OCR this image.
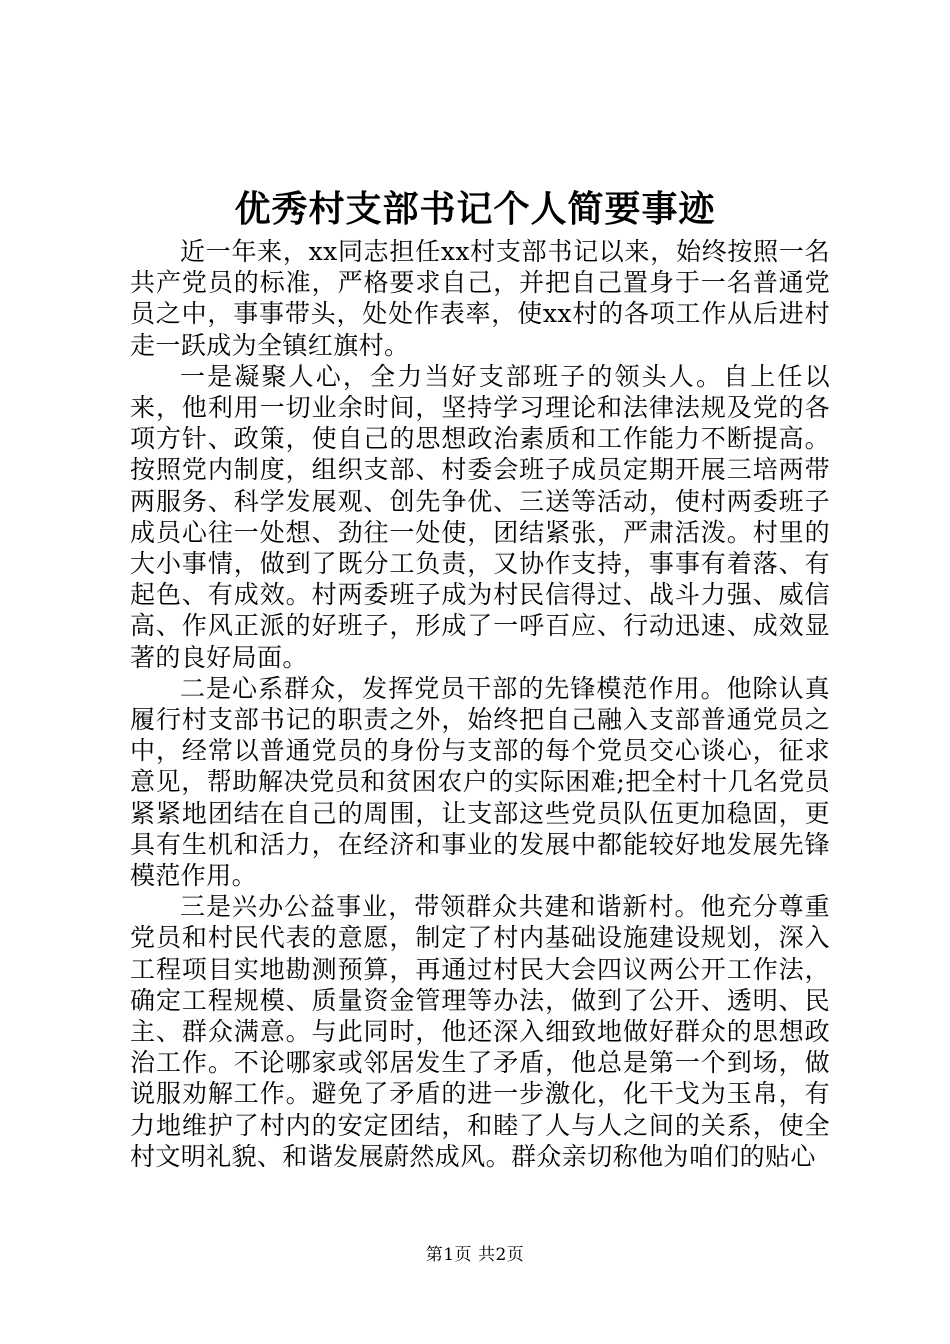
优秀村支部书记个人简要事迹

近一年来，xx同志担任xx村支部书记以来，始终按照一名共产党员的标准，严格要求自己，并把自己置身于一名普通党员之中，事事带头，处处作表率，使xx村的各项工作从后进村走一跃成为全镇红旗村。

一是凝聚人心，全力当好支部班子的领头人。自上任以来，他利用一切业余时间，坚持学习理论和法律法规及党的各项方针、政策，使自己的思想政治素质和工作能力不断提高。按照党内制度，组织支部、村委会班子成员定期开展三培两带两服务、科学发展观、创先争优、三送等活动，使村两委班子成员心往一处想、劲往一处使，团结紧张，严肃活泼。村里的大小事情，做到了既分工负责，又协作支持，事事有着落、有起色、有成效。村两委班子成为村民信得过、战斗力强、威信高、作风正派的好班子，形成了一呼百应、行动迅速、成效显著的良好局面。

二是心系群众，发挥党员干部的先锋模范作用。他除认真履行村支部书记的职责之外，始终把自己融入支部普通党员之中，经常以普通党员的身份与支部的每个党员交心谈心，征求意见，帮助解决党员和贫困农户的实际困难;把全村十几名党员紧紧地团结在自己的周围，让支部这些党员队伍更加稳固，更具有生机和活力，在经济和事业的发展中都能较好地发展先锋模范作用。

三是兴办公益事业，带领群众共建和谐新村。他充分尊重党员和村民代表的意愿，制定了村内基础设施建设规划，深入工程项目实地勘测预算，再通过村民大会四议两公开工作法，确定工程规模、质量资金管理等办法，做到了公开、透明、民主、群众满意。与此同时，他还深入细致地做好群众的思想政治工作。不论哪家或邻居发生了矛盾，他总是第一个到场，做说服劝解工作。避免了矛盾的进一步激化，化干戈为玉帛，有力地维护了村内的安定团结，和睦了人与人之间的关系，使全村文明礼貌、和谐发展蔚然成风。群众亲切称他为咱们的贴心

第1页 共2页
